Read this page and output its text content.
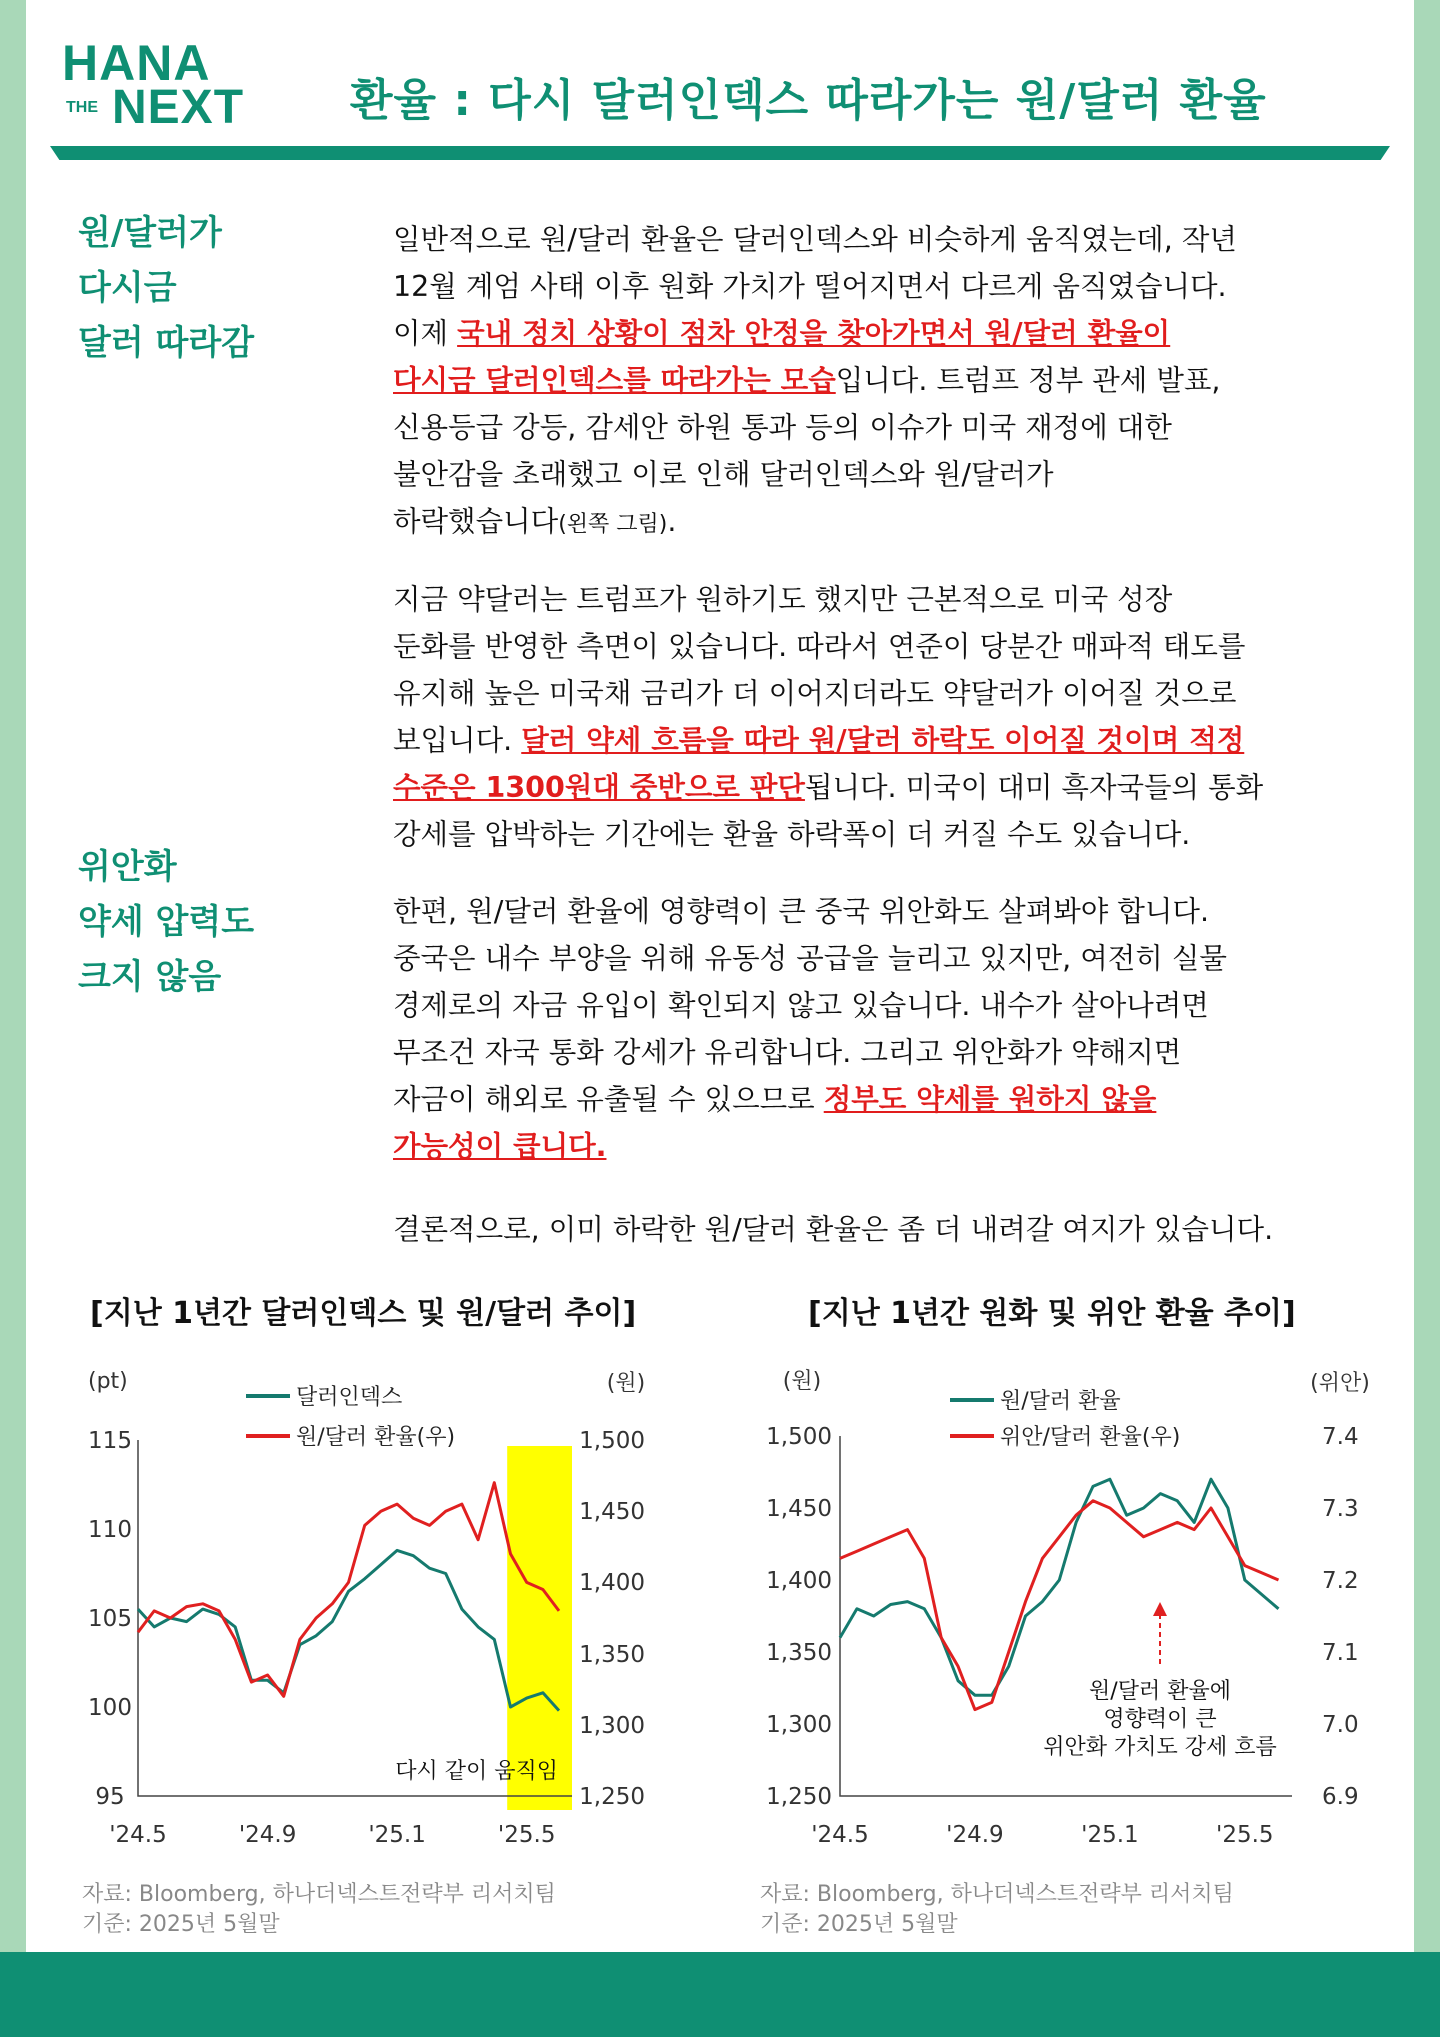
HANA
THE NEXT 환율 : 다시 달러인덱스 따라가는 원/달러 환율
원/달러가
다시금
달러 따라감
위안화
약세 압력도
크지 않음
일반적으로 원/달러 환율은 달러인덱스와 비슷하게 움직였는데, 작년
12월 계엄 사태 이후 원화 가치가 떨어지면서 다르게 움직였습니다.
이제 국내 정치 상황이 점차 안정을 찾아가면서 원/달러 환율이
다시금 달러인덱스를 따라가는 모습입니다. 트럼프 정부 관세 발표,
신용등급 강등, 감세안 하원 통과 등의 이슈가 미국 재정에 대한
불안감을 초래했고 이로 인해 달러인덱스와 원/달러가
하락했습니다(왼쪽 그림).
지금 약달러는 트럼프가 원하기도 했지만 근본적으로 미국 성장
둔화를 반영한 측면이 있습니다. 따라서 연준이 당분간 매파적 태도를
유지해 높은 미국채 금리가 더 이어지더라도 약달러가 이어질 것으로
보입니다. 달러 약세 흐름을 따라 원/달러 하락도 이어질 것이며 적정
수준은 1300원대 중반으로 판단됩니다. 미국이 대미 흑자국들의 통화
강세를 압박하는 기간에는 환율 하락폭이 더 커질 수도 있습니다.
한편, 원/달러 환율에 영향력이 큰 중국 위안화도 살펴봐야 합니다.
중국은 내수 부양을 위해 유동성 공급을 늘리고 있지만, 여전히 실물
경제로의 자금 유입이 확인되지 않고 있습니다. 내수가 살아나려면
무조건 자국 통화 강세가 유리합니다. 그리고 위안화가 약해지면
자금이 해외로 유출될 수 있으므로 정부도 약세를 원하지 않을
가능성이 큽니다.
결론적으로, 이미 하락한 원/달러 환율은 좀 더 내려갈 여지가 있습니다.
[지난 1년간 달러인덱스 및 원/달러 추이]	[지난 1년간 원화 및 위안 환율 추이]
(pt)	(원)
달러인덱스
원/달러 환율(우)
115
110
105
100
95
1,500
1,450
1,400
1,350
1,300
1,250
'24.5	'24.9	'25.1	'25.5
다시 같이 움직임
(원)	(위안)
원/달러 환율
위안/달러 환율(우)
1,500
1,450
1,400
1,350
1,300
1,250
7.4
7.3
7.2
7.1
7.0
6.9
'24.5	'24.9	'25.1	'25.5
원/달러 환율에
영향력이 큰
위안화 가치도 강세 흐름
자료: Bloomberg, 하나더넥스트전략부 리서치팀
기준: 2025년 5월말
자료: Bloomberg, 하나더넥스트전략부 리서치팀
기준: 2025년 5월말
